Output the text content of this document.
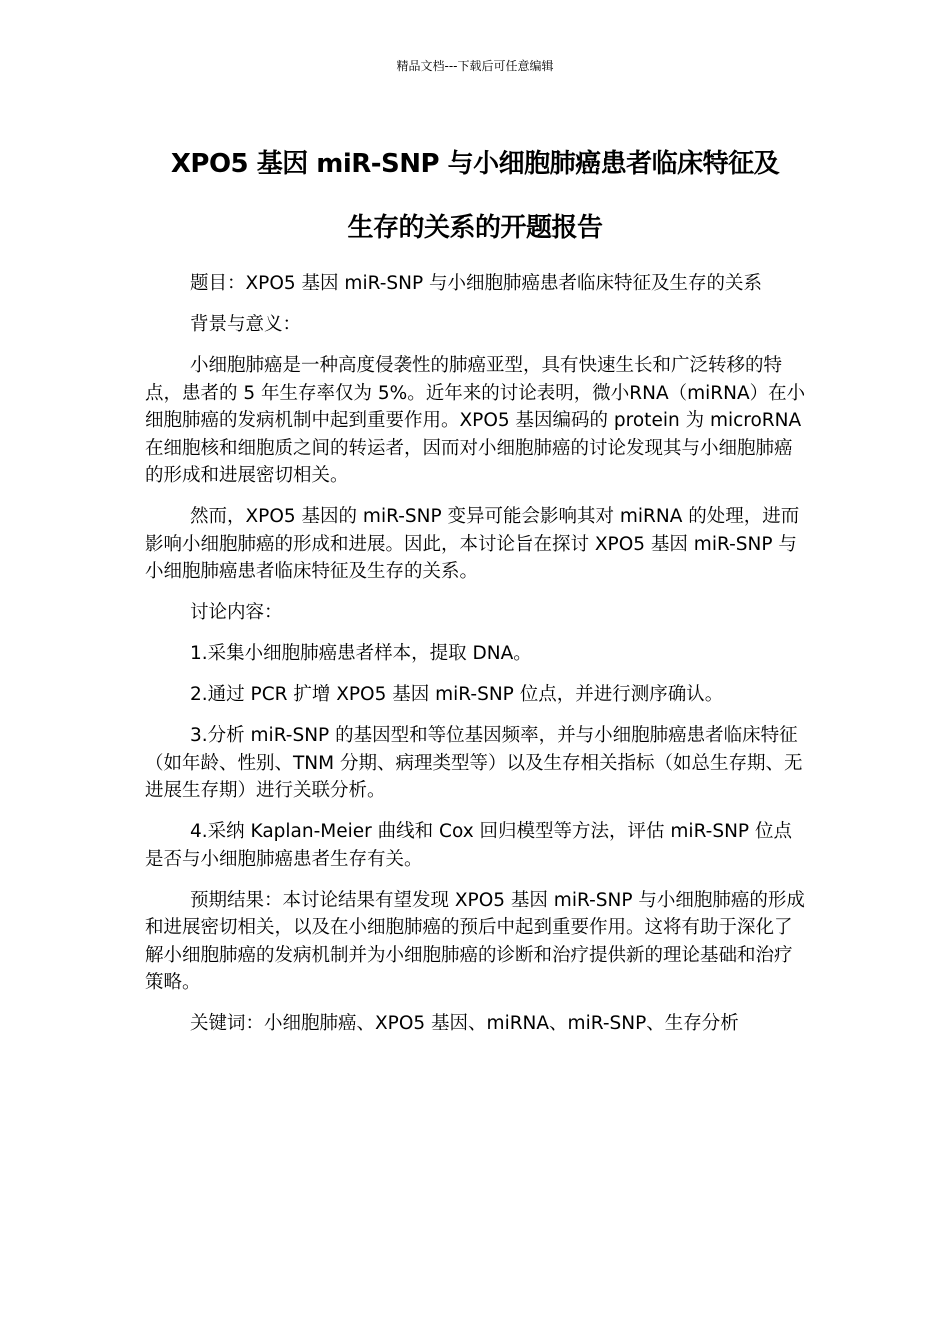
精品文档---下载后可任意编辑
XPO5 基因 miR-SNP 与小细胞肺癌患者临床特征及
生存的关系的开题报告

题目：XPO5 基因 miR-SNP 与小细胞肺癌患者临床特征及生存的关系

背景与意义：

小细胞肺癌是一种高度侵袭性的肺癌亚型，具有快速生长和广泛转移的特点，患者的 5 年生存率仅为 5%。近年来的讨论表明，微小RNA（miRNA）在小细胞肺癌的发病机制中起到重要作用。XPO5 基因编码的 protein 为 microRNA 在细胞核和细胞质之间的转运者，因而对小细胞肺癌的讨论发现其与小细胞肺癌的形成和进展密切相关。

然而，XPO5 基因的 miR-SNP 变异可能会影响其对 miRNA 的处理，进而影响小细胞肺癌的形成和进展。因此，本讨论旨在探讨 XPO5 基因 miR-SNP 与小细胞肺癌患者临床特征及生存的关系。

讨论内容：

1.采集小细胞肺癌患者样本，提取 DNA。

2.通过 PCR 扩增 XPO5 基因 miR-SNP 位点，并进行测序确认。

3.分析 miR-SNP 的基因型和等位基因频率，并与小细胞肺癌患者临床特征（如年龄、性别、TNM 分期、病理类型等）以及生存相关指标（如总生存期、无进展生存期）进行关联分析。

4.采纳 Kaplan-Meier 曲线和 Cox 回归模型等方法，评估 miR-SNP 位点是否与小细胞肺癌患者生存有关。

预期结果：本讨论结果有望发现 XPO5 基因 miR-SNP 与小细胞肺癌的形成和进展密切相关，以及在小细胞肺癌的预后中起到重要作用。这将有助于深化了解小细胞肺癌的发病机制并为小细胞肺癌的诊断和治疗提供新的理论基础和治疗策略。

关键词：小细胞肺癌、XPO5 基因、miRNA、miR-SNP、生存分析
